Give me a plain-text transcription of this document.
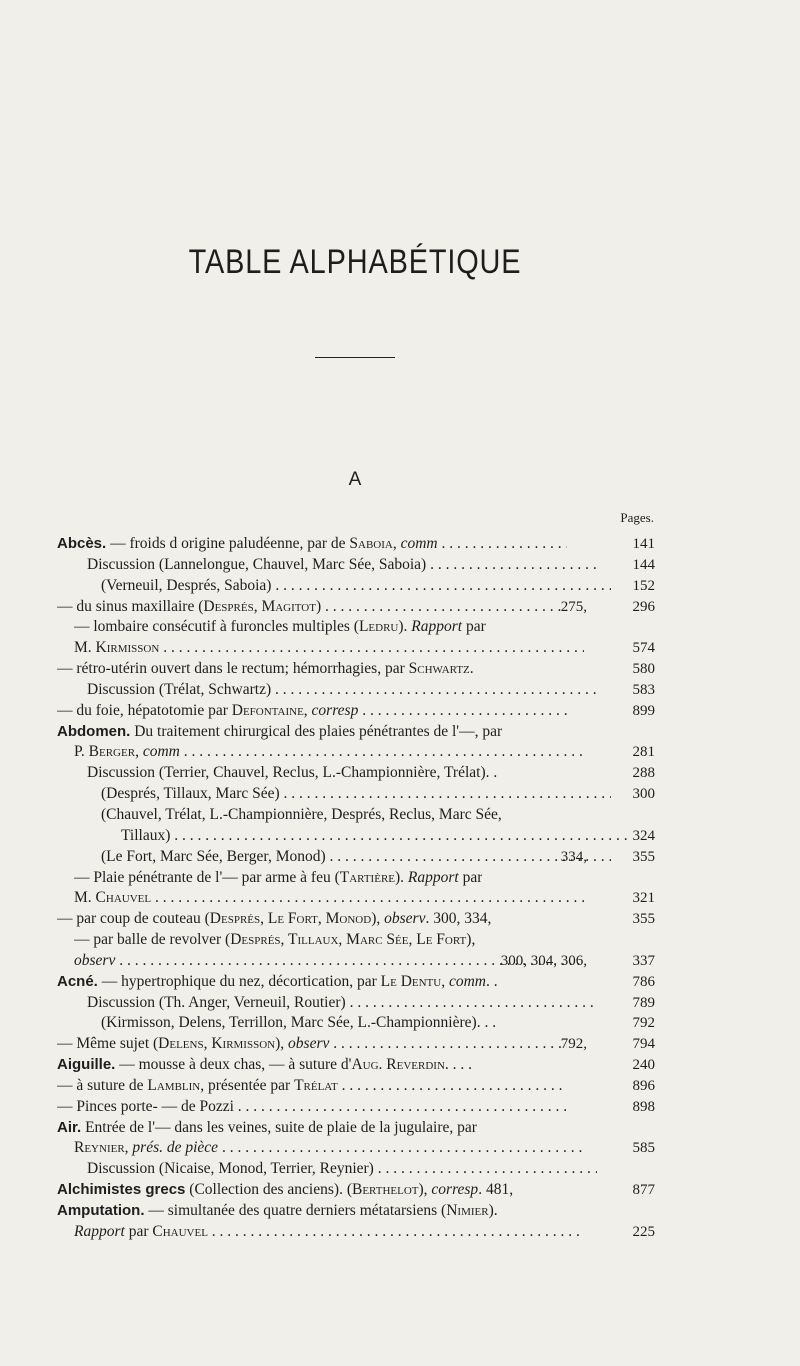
TABLE ALPHABÉTIQUE
A
Pages.
Abcès. — froids d origine paludéenne, par de Saboia, comm . . .	141
Discussion (Lannelongue, Chauvel, Marc Sée, Saboia) . . .	144
(Verneuil, Després, Saboia) . . .	152
— du sinus maxillaire (Després, Magitot) . . .	275,	296
— lombaire consécutif à furoncles multiples (Ledru). Rapport par
M. Kirmisson . . .	574
— rétro-utérin ouvert dans le rectum; hémorrhagies, par Schwartz.	580
Discussion (Trélat, Schwartz) . . .	583
— du foie, hépatotomie par Defontaine, corresp . . .	899
Abdomen. Du traitement chirurgical des plaies pénétrantes de l'—, par
P. Berger, comm . . .	281
Discussion (Terrier, Chauvel, Reclus, L.-Championnière, Trélat). .	288
(Després, Tillaux, Marc Sée) . . .	300
(Chauvel, Trélat, L.-Championnière, Després, Reclus, Marc Sée,
Tillaux) . . .	324
(Le Fort, Marc Sée, Berger, Monod) . . .	334,	355
— Plaie pénétrante de l'— par arme à feu (Tartière). Rapport par
M. Chauvel . . .	321
— par coup de couteau (Després, Le Fort, Monod), observ. 300, 334,	355
— par balle de revolver (Després, Tillaux, Marc Sée, Le Fort),
observ . . .	300, 304, 306,	337
Acné. — hypertrophique du nez, décortication, par Le Dentu, comm. .	786
Discussion (Th. Anger, Verneuil, Routier) . . .	789
(Kirmisson, Delens, Terrillon, Marc Sée, L.-Championnière). . .	792
— Même sujet (Delens, Kirmisson), observ . . .	792,	794
Aiguille. — mousse à deux chas, — à suture d'Aug. Reverdin. . . .	240
— à suture de Lamblin, présentée par Trélat . . .	896
— Pinces porte- — de Pozzi . . .	898
Air. Entrée de l'— dans les veines, suite de plaie de la jugulaire, par
Reynier, prés. de pièce . . .	585
Discussion (Nicaise, Monod, Terrier, Reynier) . . .
Alchimistes grecs (Collection des anciens). (Berthelot), corresp. 481,	877
Amputation. — simultanée des quatre derniers métatarsiens (Nimier).
Rapport par Chauvel . . .	225
